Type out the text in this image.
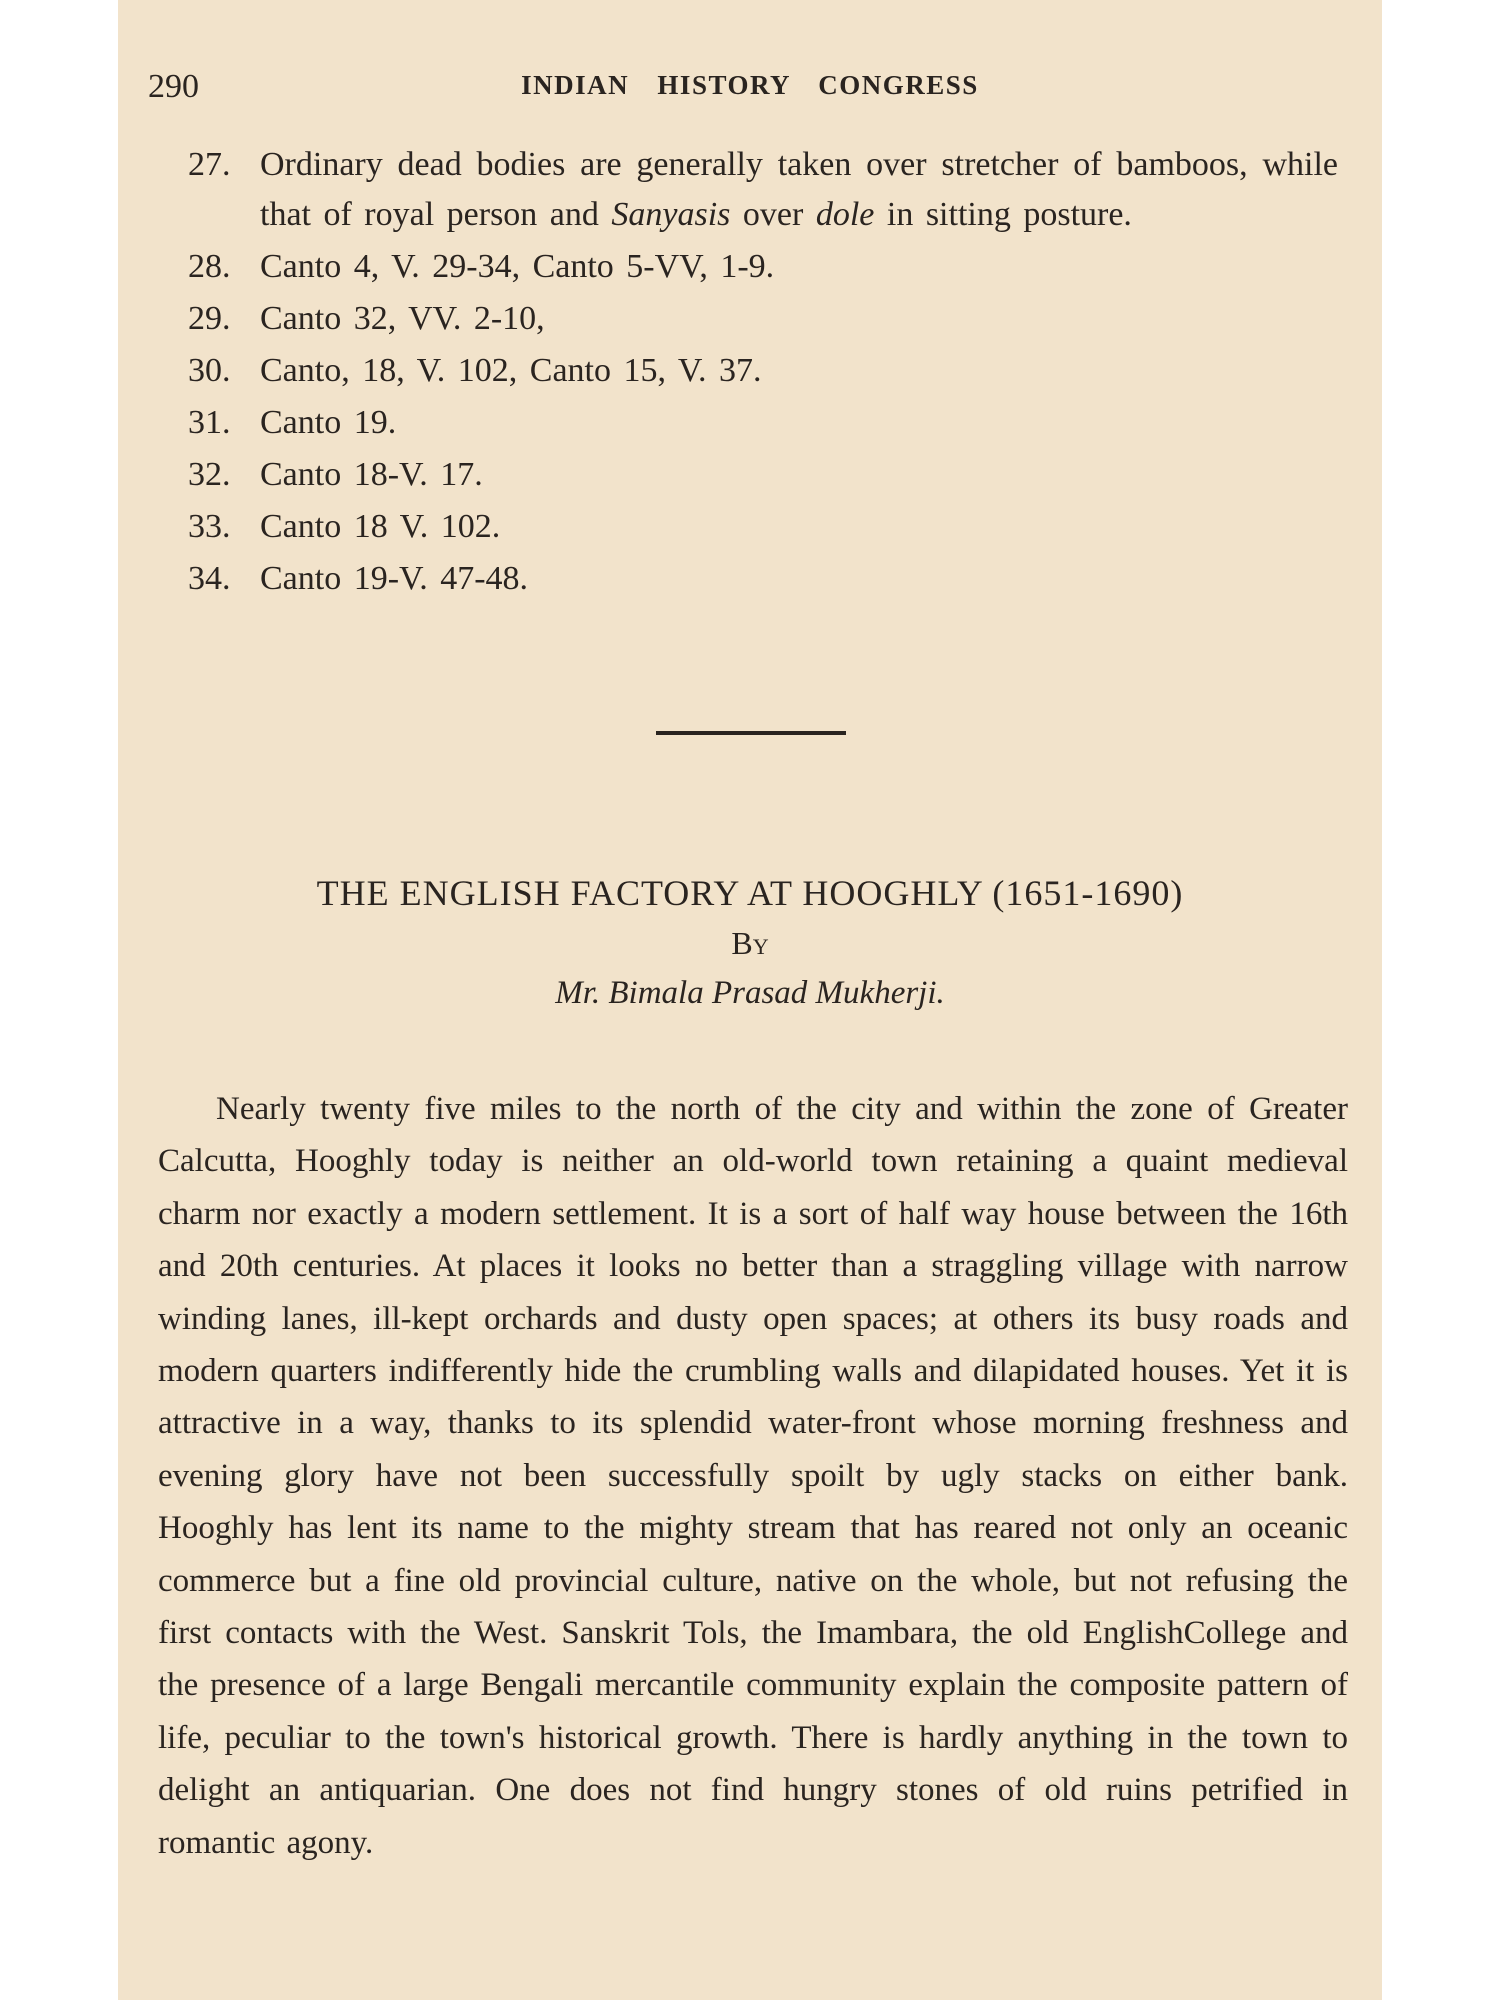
290	INDIAN HISTORY CONGRESS
27. Ordinary dead bodies are generally taken over stretcher of bamboos, while that of royal person and Sanyasis over dole in sitting posture.
28. Canto 4, V. 29-34, Canto 5-VV, 1-9.
29. Canto 32, VV. 2-10,
30. Canto, 18, V. 102, Canto 15, V. 37.
31. Canto 19.
32. Canto 18-V. 17.
33. Canto 18 V. 102.
34. Canto 19-V. 47-48.
THE ENGLISH FACTORY AT HOOGHLY (1651-1690)
By
Mr. Bimala Prasad Mukherji.

Nearly twenty five miles to the north of the city and within the zone of Greater Calcutta, Hooghly today is neither an old-world town retaining a quaint medieval charm nor exactly a modern settlement. It is a sort of half way house between the 16th and 20th centuries. At places it looks no better than a straggling village with narrow winding lanes, ill-kept orchards and dusty open spaces; at others its busy roads and modern quarters indifferently hide the crumbling walls and dilapidated houses. Yet it is attractive in a way, thanks to its splendid water-front whose morning freshness and evening glory have not been successfully spoilt by ugly stacks on either bank. Hooghly has lent its name to the mighty stream that has reared not only an oceanic commerce but a fine old provincial culture, native on the whole, but not refusing the first contacts with the West. Sanskrit Tols, the Imambara, the old EnglishCollege and the presence of a large Bengali mercantile community explain the composite pattern of life, peculiar to the town's historical growth. There is hardly anything in the town to delight an antiquarian. One does not find hungry stones of old ruins petrified in romantic agony.
